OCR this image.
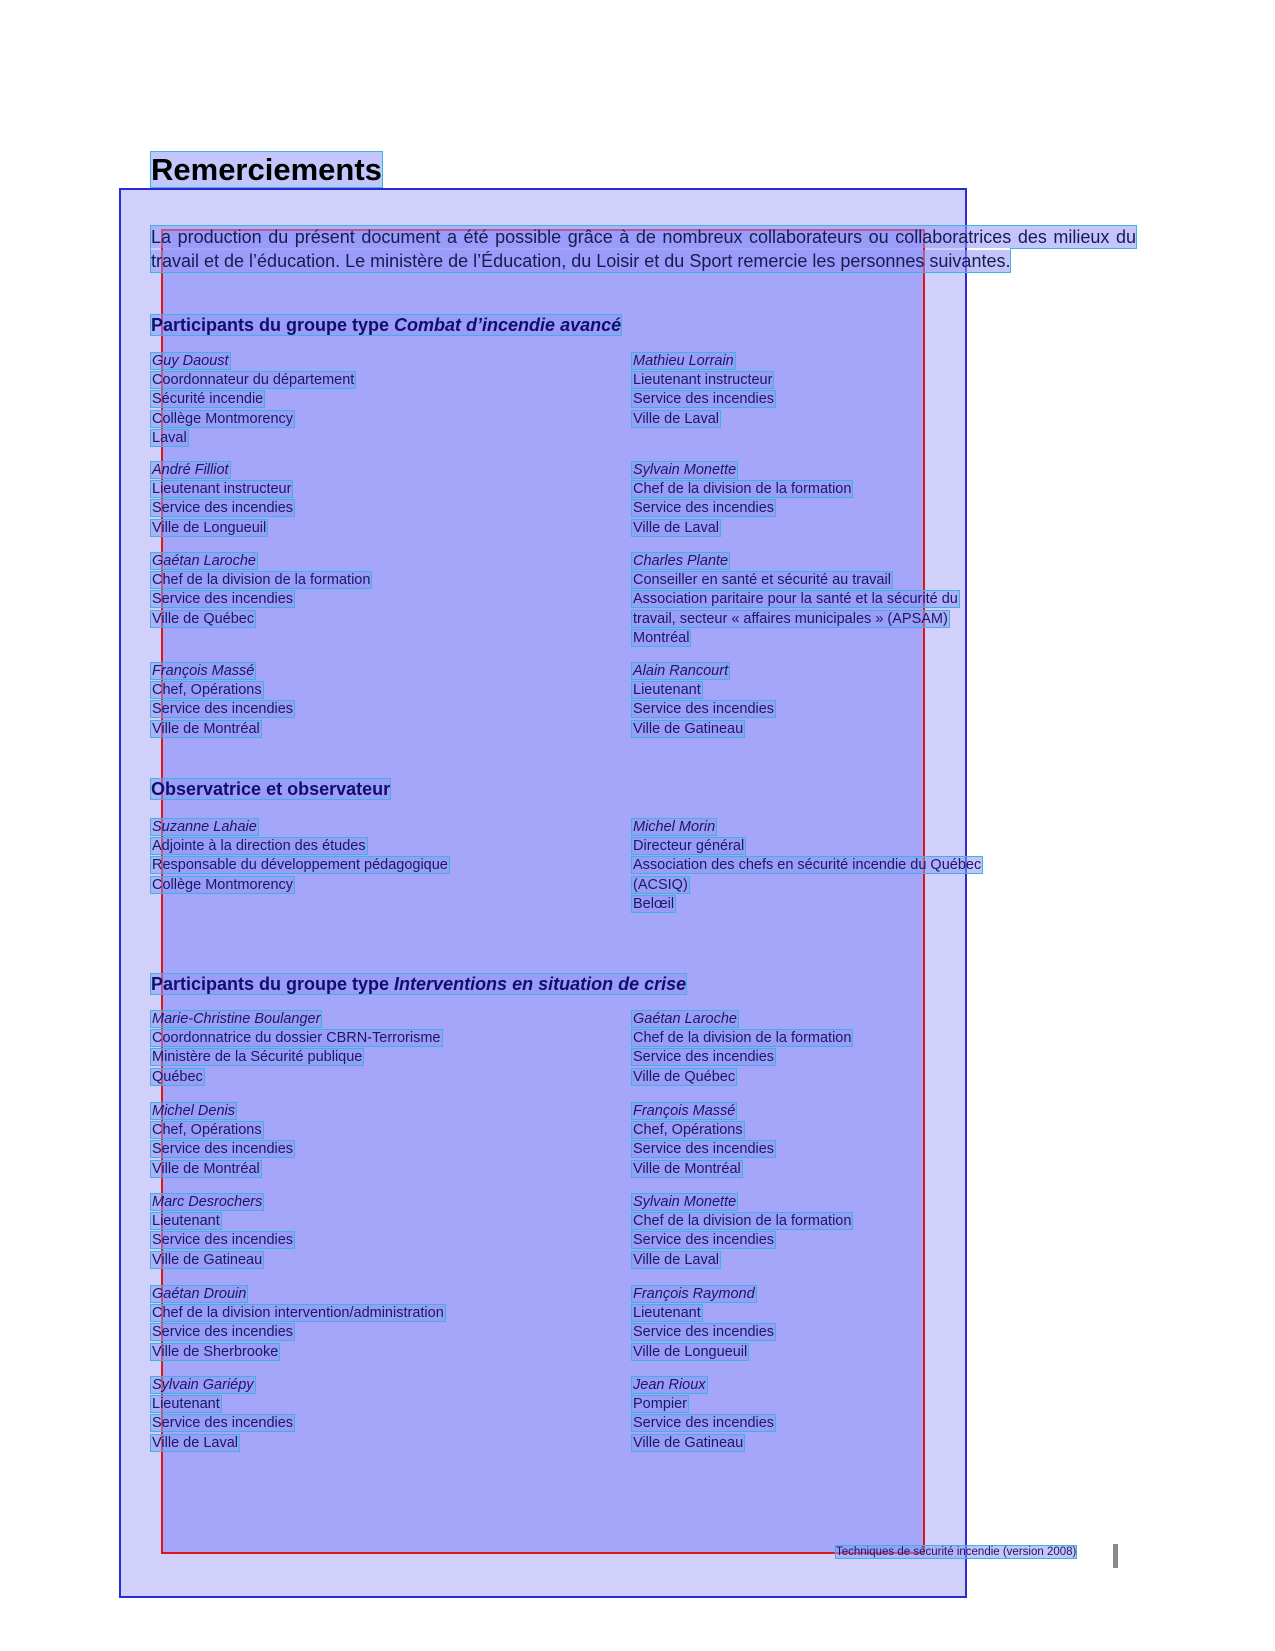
Remerciements

La production du présent document a été possible grâce à de nombreux collaborateurs ou collaboratrices des milieux du travail et de l’éducation. Le ministère de l’Éducation, du Loisir et du Sport remercie les personnes suivantes.

Participants du groupe type Combat d’incendie avancé
Guy Daoust
Coordonnateur du département
Sécurité incendie
Collège Montmorency
Laval
Mathieu Lorrain
Lieutenant instructeur
Service des incendies
Ville de Laval
André Filliot
Lieutenant instructeur
Service des incendies
Ville de Longueuil
Sylvain Monette
Chef de la division de la formation
Service des incendies
Ville de Laval
Gaétan Laroche
Chef de la division de la formation
Service des incendies
Ville de Québec
Charles Plante
Conseiller en santé et sécurité au travail
Association paritaire pour la santé et la sécurité du
travail, secteur « affaires municipales » (APSAM)
Montréal
François Massé
Chef, Opérations
Service des incendies
Ville de Montréal
Alain Rancourt
Lieutenant
Service des incendies
Ville de Gatineau
Observatrice et observateur
Suzanne Lahaie
Adjointe à la direction des études
Responsable du développement pédagogique
Collège Montmorency
Michel Morin
Directeur général
Association des chefs en sécurité incendie du Québec
(ACSIQ)
Belœil
Participants du groupe type Interventions en situation de crise
Marie-Christine Boulanger
Coordonnatrice du dossier CBRN-Terrorisme
Ministère de la Sécurité publique
Québec
Gaétan Laroche
Chef de la division de la formation
Service des incendies
Ville de Québec
Michel Denis
Chef, Opérations
Service des incendies
Ville de Montréal
François Massé
Chef, Opérations
Service des incendies
Ville de Montréal
Marc Desrochers
Lieutenant
Service des incendies
Ville de Gatineau
Sylvain Monette
Chef de la division de la formation
Service des incendies
Ville de Laval
Gaétan Drouin
Chef de la division intervention/administration
Service des incendies
Ville de Sherbrooke
François Raymond
Lieutenant
Service des incendies
Ville de Longueuil
Sylvain Gariépy
Lieutenant
Service des incendies
Ville de Laval
Jean Rioux
Pompier
Service des incendies
Ville de Gatineau
Techniques de sécurité incendie (version 2008)
